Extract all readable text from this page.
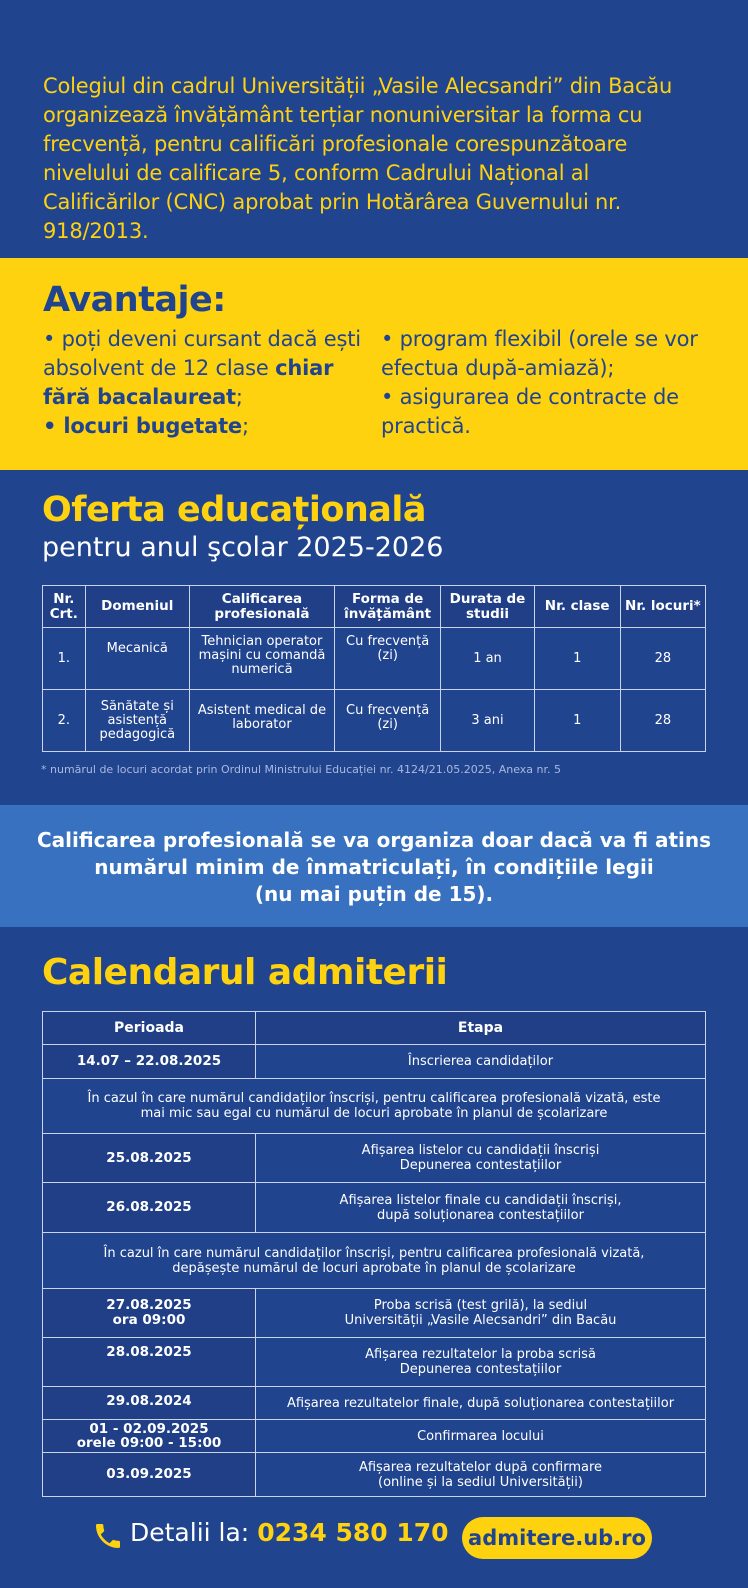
Colegiul din cadrul Universității „Vasile Alecsandri” din Bacău organizează învățământ terțiar nonuniversitar la forma cu frecvență, pentru calificări profesionale corespunzătoare nivelului de calificare 5, conform Cadrului Național al Calificărilor (CNC) aprobat prin Hotărârea Guvernului nr. 918/2013.

Avantaje:
• poți deveni cursant dacă ești absolvent de 12 clase chiar fără bacalaureat;
• locuri bugetate;
• program flexibil (orele se vor efectua după-amiază);
• asigurarea de contracte de practică.
Oferta educațională
pentru anul şcolar 2025-2026
Nr. Crt.	Domeniul	Calificarea profesională	Forma de învățământ	Durata de studii	Nr. clase	Nr. locuri*
1.	Mecanică	Tehnician operator mașini cu comandă numerică	Cu frecvență (zi)	1 an	1	28
2.	Sănătate și asistență pedagogică	Asistent medical de laborator	Cu frecvență (zi)	3 ani	1	28
* numărul de locuri acordat prin Ordinul Ministrului Educației nr. 4124/21.05.2025, Anexa nr. 5

Calificarea profesională se va organiza doar dacă va fi atins
numărul minim de înmatriculați, în condițiile legii
(nu mai puțin de 15).

Calendarul admiterii
Perioada	Etapa
14.07 – 22.08.2025	Înscrierea candidaților
În cazul în care numărul candidaților înscriși, pentru calificarea profesională vizată, este
mai mic sau egal cu numărul de locuri aprobate în planul de școlarizare	
25.08.2025	Afișarea listelor cu candidații înscriși
Depunerea contestațiilor
26.08.2025	Afișarea listelor finale cu candidații înscriși,
după soluționarea contestațiilor
În cazul în care numărul candidaților înscriși, pentru calificarea profesională vizată,
depășește numărul de locuri aprobate în planul de școlarizare	
27.08.2025
ora 09:00	Proba scrisă (test grilă), la sediul
Universității „Vasile Alecsandri” din Bacău
28.08.2025	Afișarea rezultatelor la proba scrisă
Depunerea contestațiilor
29.08.2024	Afișarea rezultatelor finale, după soluționarea contestațiilor
01 - 02.09.2025
orele 09:00 - 15:00	Confirmarea locului
03.09.2025	Afișarea rezultatelor după confirmare
(online și la sediul Universității)
Detalii la: 0234 580 170 admitere.ub.ro
